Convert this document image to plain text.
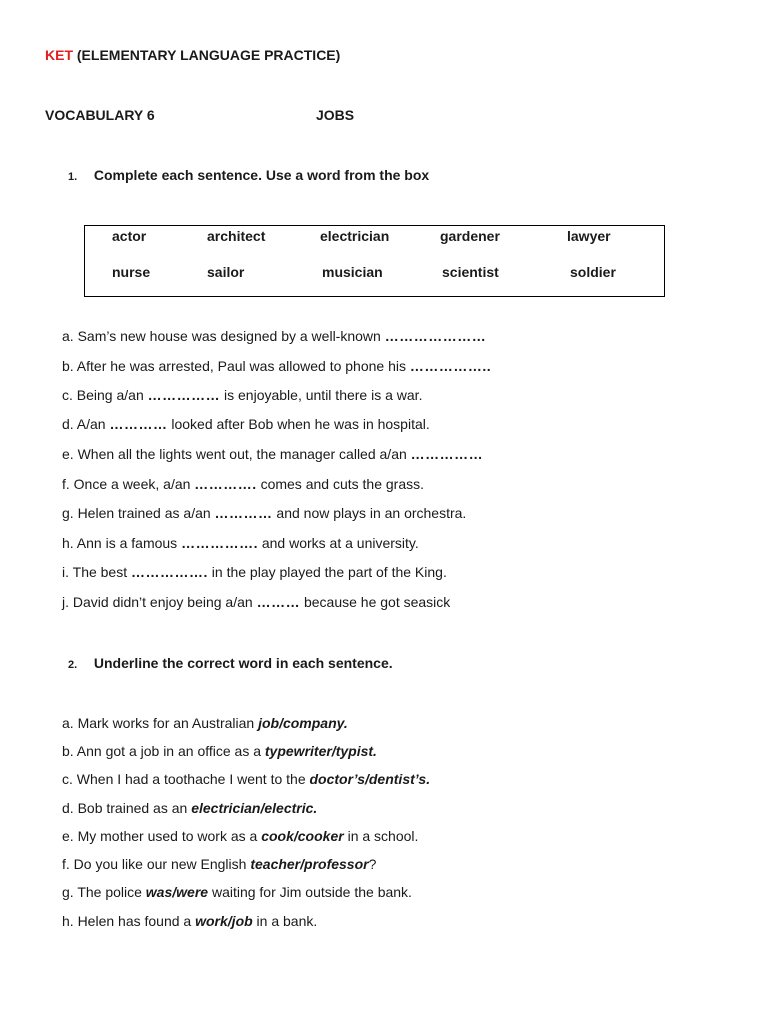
KET (ELEMENTARY LANGUAGE PRACTICE)
VOCABULARY 6	JOBS
1. Complete each sentence. Use a word from the box
actor	architect	electrician	gardener	lawyer
nurse	sailor	musician	scientist	soldier
a. Sam’s new house was designed by a well-known …………………
b. After he was arrested, Paul was allowed to phone his ……………..
c. Being a/an …………… is enjoyable, until there is a war.
d. A/an ………… looked after Bob when he was in hospital.
e. When all the lights went out, the manager called a/an ……………
f. Once a week, a/an …………. comes and cuts the grass.
g. Helen trained as a/an ………… and now plays in an orchestra.
h. Ann is a famous ……………. and works at a university.
i. The best ……………. in the play played the part of the King.
j. David didn’t enjoy being a/an ……… because he got seasick
2. Underline the correct word in each sentence.
a. Mark works for an Australian job/company.
b. Ann got a job in an office as a typewriter/typist.
c. When I had a toothache I went to the doctor’s/dentist’s.
d. Bob trained as an electrician/electric.
e. My mother used to work as a cook/cooker in a school.
f. Do you like our new English teacher/professor?
g. The police was/were waiting for Jim outside the bank.
h. Helen has found a work/job in a bank.
